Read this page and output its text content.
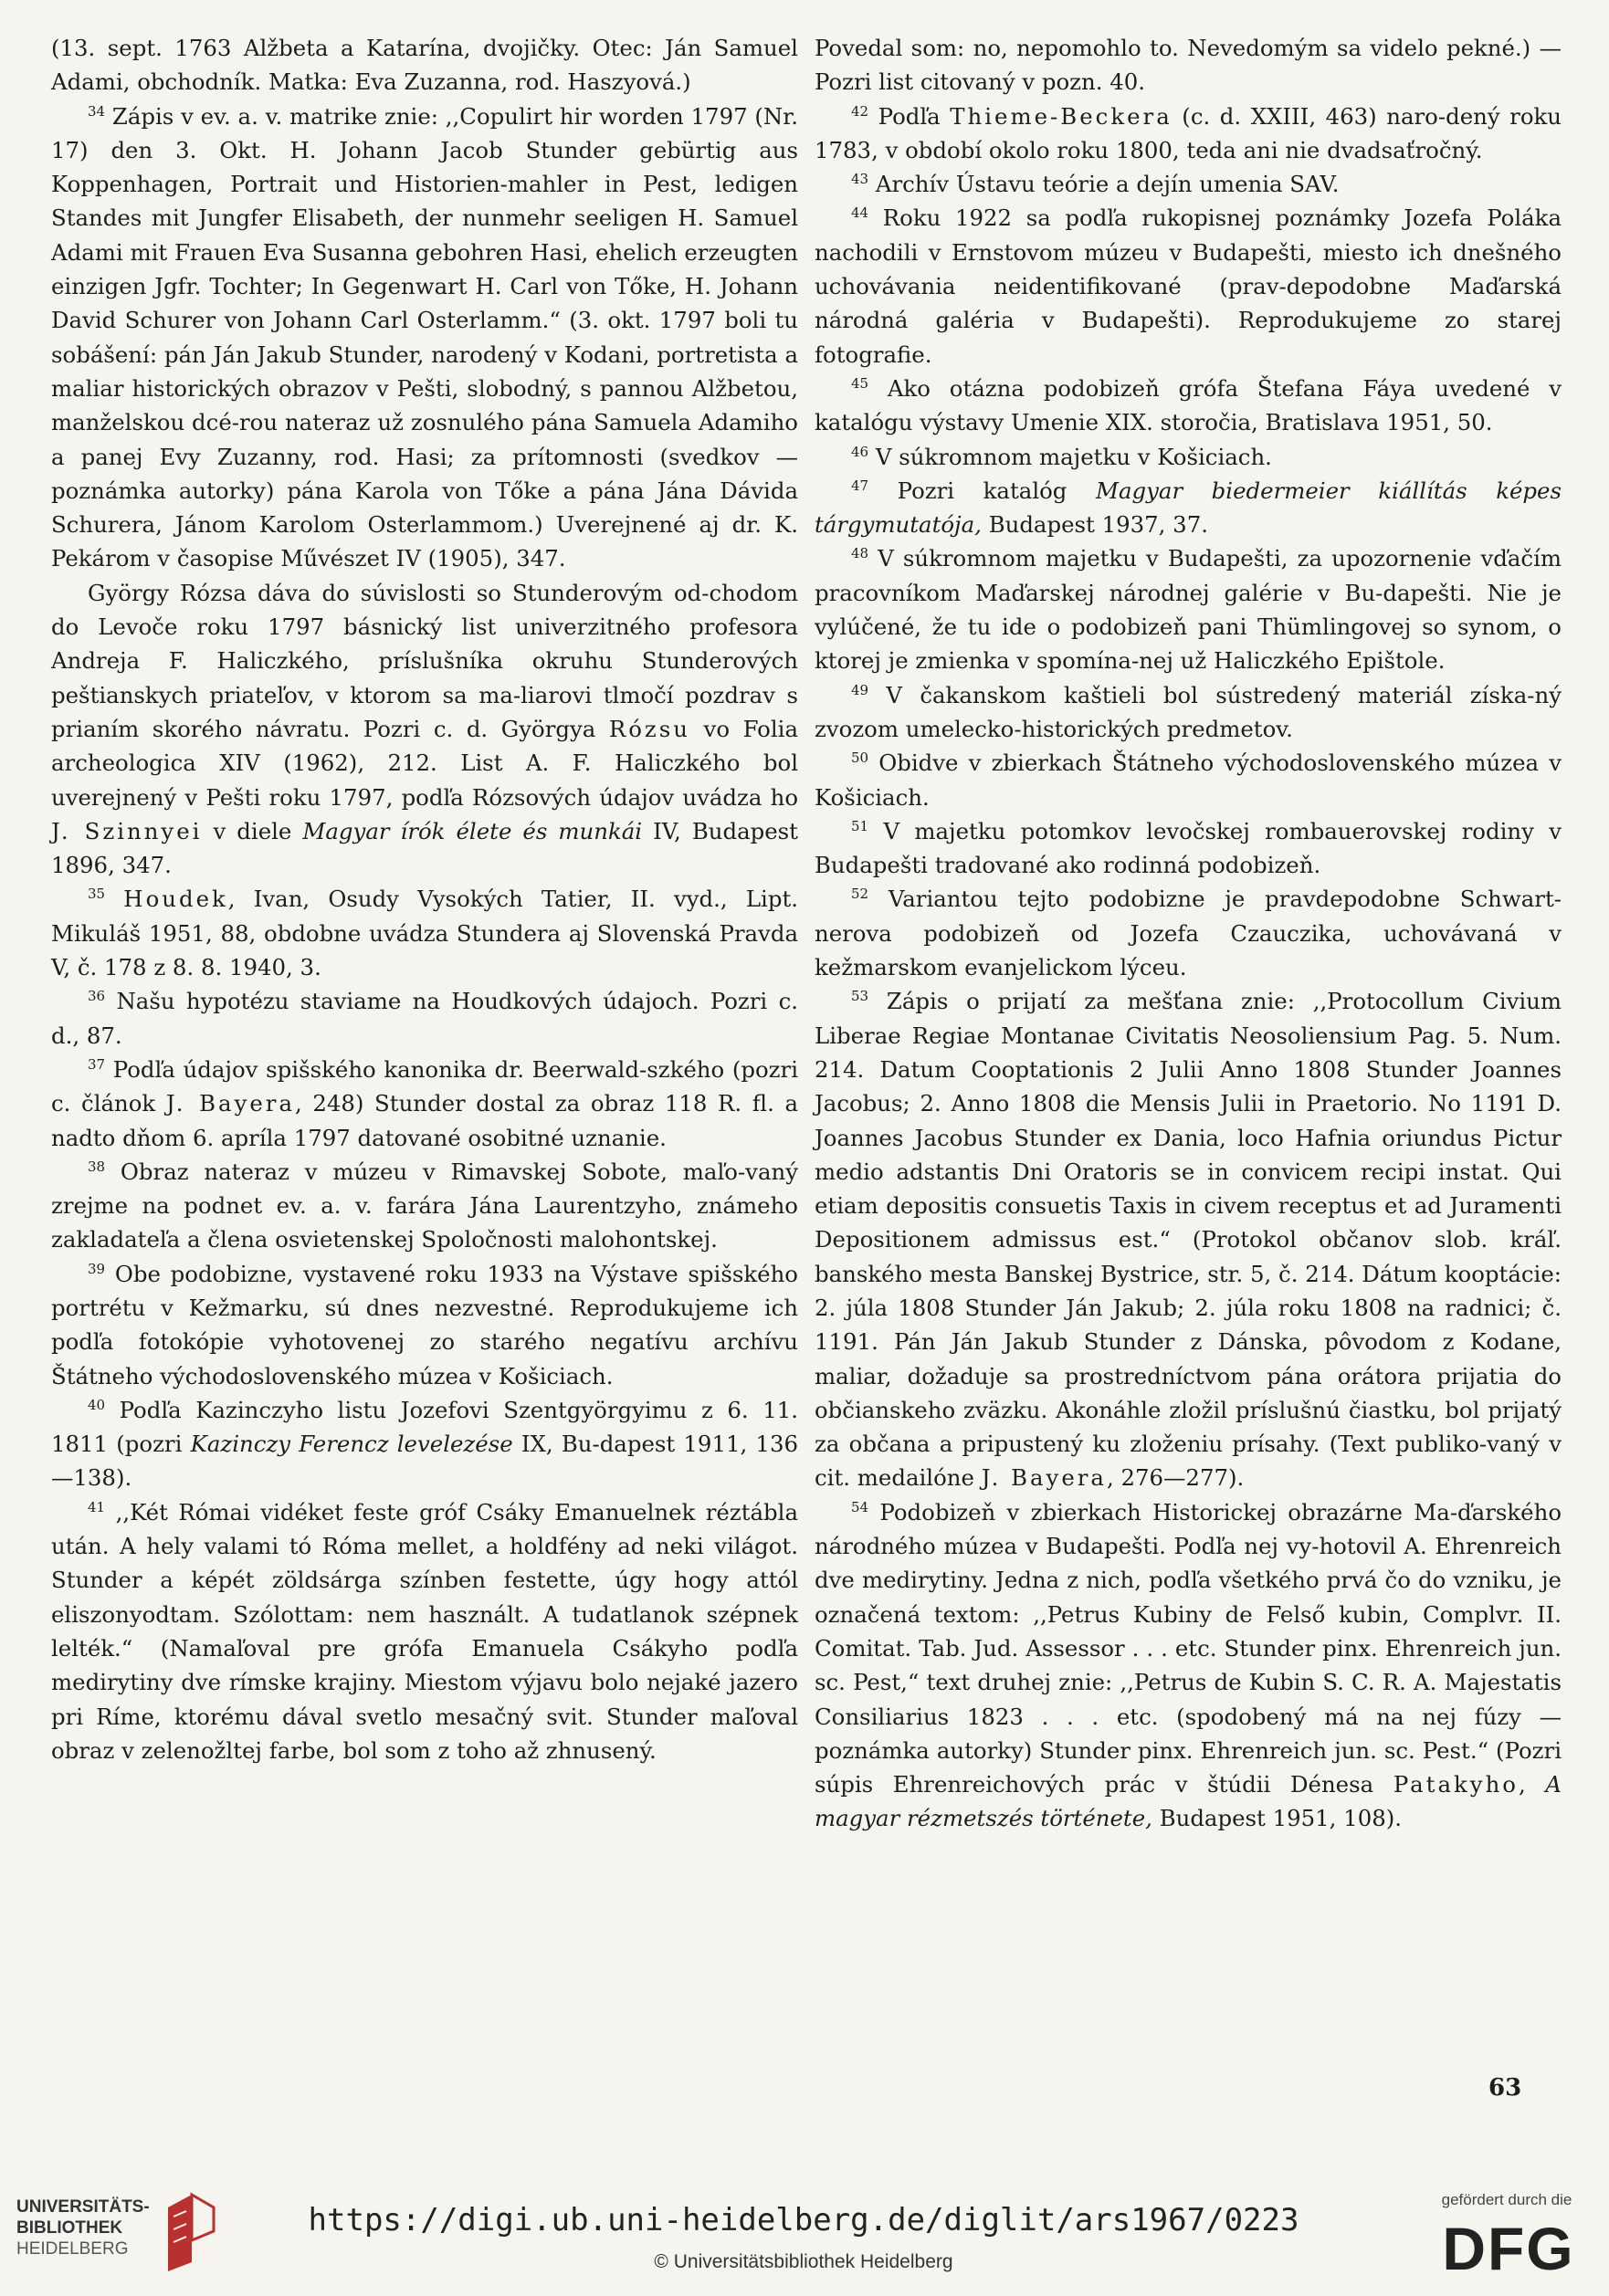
(13. sept. 1763 Alžbeta a Katarína, dvojičky. Otec: Ján Samuel Adami, obchodník. Matka: Eva Zuzanna, rod. Haszyová.)

$^{34}$ Zápis v ev. a. v. matrike znie: ,,Copulirt hir worden 1797 (Nr. 17) den 3. Okt. H. Johann Jacob Stunder gebürtig aus Koppenhagen, Portrait und Historien-mahler in Pest, ledigen Standes mit Jungfer Elisabeth, der nunmehr seeligen H. Samuel Adami mit Frauen Eva Susanna gebohren Hasi, ehelich erzeugten einzigen Jgfr. Tochter; In Gegenwart H. Carl von Tőke, H. Johann David Schurer von Johann Carl Osterlamm.“ (3. okt. 1797 boli tu sobášení: pán Ján Jakub Stunder, narodený v Kodani, portretista a maliar historických obrazov v Pešti, slobodný, s pannou Alžbetou, manželskou dcé-rou nateraz už zosnulého pána Samuela Adamiho a panej Evy Zuzanny, rod. Hasi; za prítomnosti (svedkov — poznámka autorky) pána Karola von Tőke a pána Jána Dávida Schurera, Jánom Karolom Osterlammom.) Uverejnené aj dr. K. Pekárom v časopise Művészet IV (1905), 347.

György Rózsa dáva do súvislosti so Stunderovým od-chodom do Levoče roku 1797 básnický list univerzitného profesora Andreja F. Haliczkého, príslušníka okruhu Stunderových peštianskych priateľov, v ktorom sa ma-liarovi tlmočí pozdrav s prianím skorého návratu. Pozri c. d. Györgya Rózsu vo Folia archeologica XIV (1962), 212. List A. F. Haliczkého bol uverejnený v Pešti roku 1797, podľa Rózsových údajov uvádza ho J. Szinnyei v diele Magyar írók élete és munkái IV, Budapest 1896, 347.

$^{35}$ Houdek, Ivan, Osudy Vysokých Tatier, II. vyd., Lipt. Mikuláš 1951, 88, obdobne uvádza Stundera aj Slovenská Pravda V, č. 178 z 8. 8. 1940, 3.

$^{36}$ Našu hypotézu staviame na Houdkových údajoch. Pozri c. d., 87.

$^{37}$ Podľa údajov spišského kanonika dr. Beerwald-szkého (pozri c. článok J. Bayera, 248) Stunder dostal za obraz 118 R. fl. a nadto dňom 6. apríla 1797 datované osobitné uznanie.

$^{38}$ Obraz nateraz v múzeu v Rimavskej Sobote, maľo-vaný zrejme na podnet ev. a. v. farára Jána Laurentzyho, známeho zakladateľa a člena osvietenskej Spoločnosti malohontskej.

$^{39}$ Obe podobizne, vystavené roku 1933 na Výstave spišského portrétu v Kežmarku, sú dnes nezvestné. Reprodukujeme ich podľa fotokópie vyhotovenej zo starého negatívu archívu Štátneho východoslovenského múzea v Košiciach.

$^{40}$ Podľa Kazinczyho listu Jozefovi Szentgyörgyimu z 6. 11. 1811 (pozri Kazinczy Ferencz levelezése IX, Bu-dapest 1911, 136—138).

$^{41}$ ,,Két Római vidéket feste gróf Csáky Emanuelnek réztábla után. A hely valami tó Róma mellet, a holdfény ad neki világot. Stunder a képét zöldsárga színben festette, úgy hogy attól eliszonyodtam. Szólottam: nem használt. A tudatlanok szépnek lelték.“ (Namaľoval pre grófa Emanuela Csákyho podľa medirytiny dve rímske krajiny. Miestom výjavu bolo nejaké jazero pri Ríme, ktorému dával svetlo mesačný svit. Stunder maľoval obraz v zelenožltej farbe, bol som z toho až zhnusený.

Povedal som: no, nepomohlo to. Nevedomým sa videlo pekné.) — Pozri list citovaný v pozn. 40.

$^{42}$ Podľa Thieme-Beckera (c. d. XXIII, 463) naro-dený roku 1783, v období okolo roku 1800, teda ani nie dvadsaťročný.

$^{43}$ Archív Ústavu teórie a dejín umenia SAV.

$^{44}$ Roku 1922 sa podľa rukopisnej poznámky Jozefa Poláka nachodili v Ernstovom múzeu v Budapešti, miesto ich dnešného uchovávania neidentifikované (prav-depodobne Maďarská národná galéria v Budapešti). Reprodukujeme zo starej fotografie.

$^{45}$ Ako otázna podobizeň grófa Štefana Fáya uvedené v katalógu výstavy Umenie XIX. storočia, Bratislava 1951, 50.

$^{46}$ V súkromnom majetku v Košiciach.

$^{47}$ Pozri katalóg Magyar biedermeier kiállítás képes tárgymutatója, Budapest 1937, 37.

$^{48}$ V súkromnom majetku v Budapešti, za upozornenie vďačím pracovníkom Maďarskej národnej galérie v Bu-dapešti. Nie je vylúčené, že tu ide o podobizeň pani Thümlingovej so synom, o ktorej je zmienka v spomína-nej už Haliczkého Epištole.

$^{49}$ V čakanskom kaštieli bol sústredený materiál získa-ný zvozom umelecko-historických predmetov.

$^{50}$ Obidve v zbierkach Štátneho východoslovenského múzea v Košiciach.

$^{51}$ V majetku potomkov levočskej rombauerovskej rodiny v Budapešti tradované ako rodinná podobizeň.

$^{52}$ Variantou tejto podobizne je pravdepodobne Schwart-nerova podobizeň od Jozefa Czauczika, uchovávaná v kežmarskom evanjelickom lýceu.

$^{53}$ Zápis o prijatí za mešťana znie: ,,Protocollum Civium Liberae Regiae Montanae Civitatis Neosoliensium Pag. 5. Num. 214. Datum Cooptationis 2 Julii Anno 1808 Stunder Joannes Jacobus; 2. Anno 1808 die Mensis Julii in Praetorio. No 1191 D. Joannes Jacobus Stunder ex Dania, loco Hafnia oriundus Pictur medio adstantis Dni Oratoris se in convicem recipi instat. Qui etiam depositis consuetis Taxis in civem receptus et ad Juramenti Depositionem admissus est.“ (Protokol občanov slob. kráľ. banského mesta Banskej Bystrice, str. 5, č. 214. Dátum kooptácie: 2. júla 1808 Stunder Ján Jakub; 2. júla roku 1808 na radnici; č. 1191. Pán Ján Jakub Stunder z Dánska, pôvodom z Kodane, maliar, dožaduje sa prostredníctvom pána orátora prijatia do občianskeho zväzku. Akonáhle zložil príslušnú čiastku, bol prijatý za občana a pripustený ku zloženiu prísahy. (Text publiko-vaný v cit. medailóne J. Bayera, 276—277).

$^{54}$ Podobizeň v zbierkach Historickej obrazárne Ma-ďarského národného múzea v Budapešti. Podľa nej vy-hotovil A. Ehrenreich dve medirytiny. Jedna z nich, podľa všetkého prvá čo do vzniku, je označená textom: ,,Petrus Kubiny de Felső kubin, Complvr. II. Comitat. Tab. Jud. Assessor . . . etc. Stunder pinx. Ehrenreich jun. sc. Pest,“ text druhej znie: ,,Petrus de Kubin S. C. R. A. Majestatis Consiliarius 1823 . . . etc. (spodobený má na nej fúzy — poznámka autorky) Stunder pinx. Ehrenreich jun. sc. Pest.“ (Pozri súpis Ehrenreichových prác v štúdii Dénesa Patakyho, A magyar rézmetszés története, Budapest 1951, 108).

63
UNIVERSITÄTS-
BIBLIOTHEK
HEIDELBERG
https://digi.ub.uni-heidelberg.de/diglit/ars1967/0223
© Universitätsbibliothek Heidelberg
gefördert durch die
DFG
